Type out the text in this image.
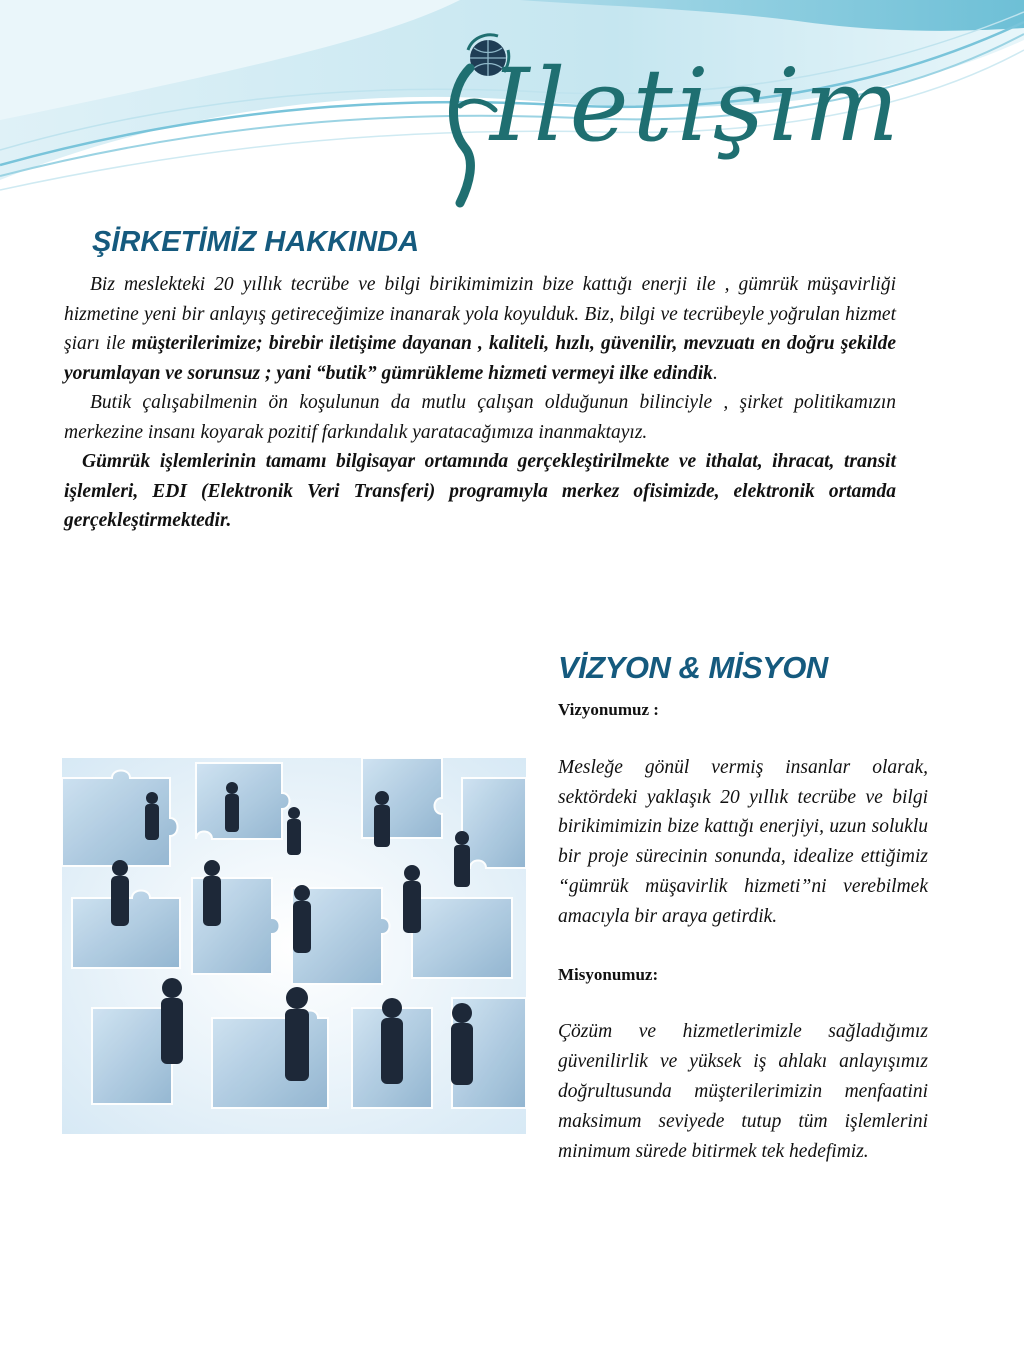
Iletişim
ŞİRKETİMİZ HAKKINDA

Biz meslekteki 20 yıllık tecrübe ve bilgi birikimimizin bize kattığı enerji ile , gümrük müşavirliği hizmetine yeni bir anlayış getireceğimize inanarak yola koyulduk. Biz, bilgi ve tecrübeyle yoğrulan hizmet şiarı ile müşterilerimize; birebir iletişime dayanan , kaliteli, hızlı, güvenilir, mevzuatı en doğru şekilde yorumlayan ve sorunsuz ; yani “butik” gümrükleme hizmeti vermeyi ilke edindik.

Butik çalışabilmenin ön koşulunun da mutlu çalışan olduğunun bilinciyle , şirket politikamızın merkezine insanı koyarak pozitif farkındalık yaratacağımıza inanmaktayız.

Gümrük işlemlerinin tamamı bilgisayar ortamında gerçekleştirilmekte ve ithalat, ihracat, transit işlemleri, EDI (Elektronik Veri Transferi) programıyla merkez ofisimizde, elektronik ortamda gerçekleştirmektedir.

VİZYON & MİSYON

Vizyonumuz :

Mesleğe gönül vermiş insanlar olarak, sektördeki yaklaşık 20 yıllık tecrübe ve bilgi birikimimizin bize kattığı enerjiyi, uzun soluklu bir proje sürecinin sonunda, idealize ettiğimiz “gümrük müşavirlik hizmeti”ni verebilmek amacıyla bir araya getirdik.

Misyonumuz:

Çözüm ve hizmetlerimizle sağladığımız güvenilirlik ve yüksek iş ahlakı anlayışımız doğrultusunda müşterilerimizin menfaatini maksimum seviyede tutup tüm işlemlerini minimum sürede bitirmek tek hedefimiz.
